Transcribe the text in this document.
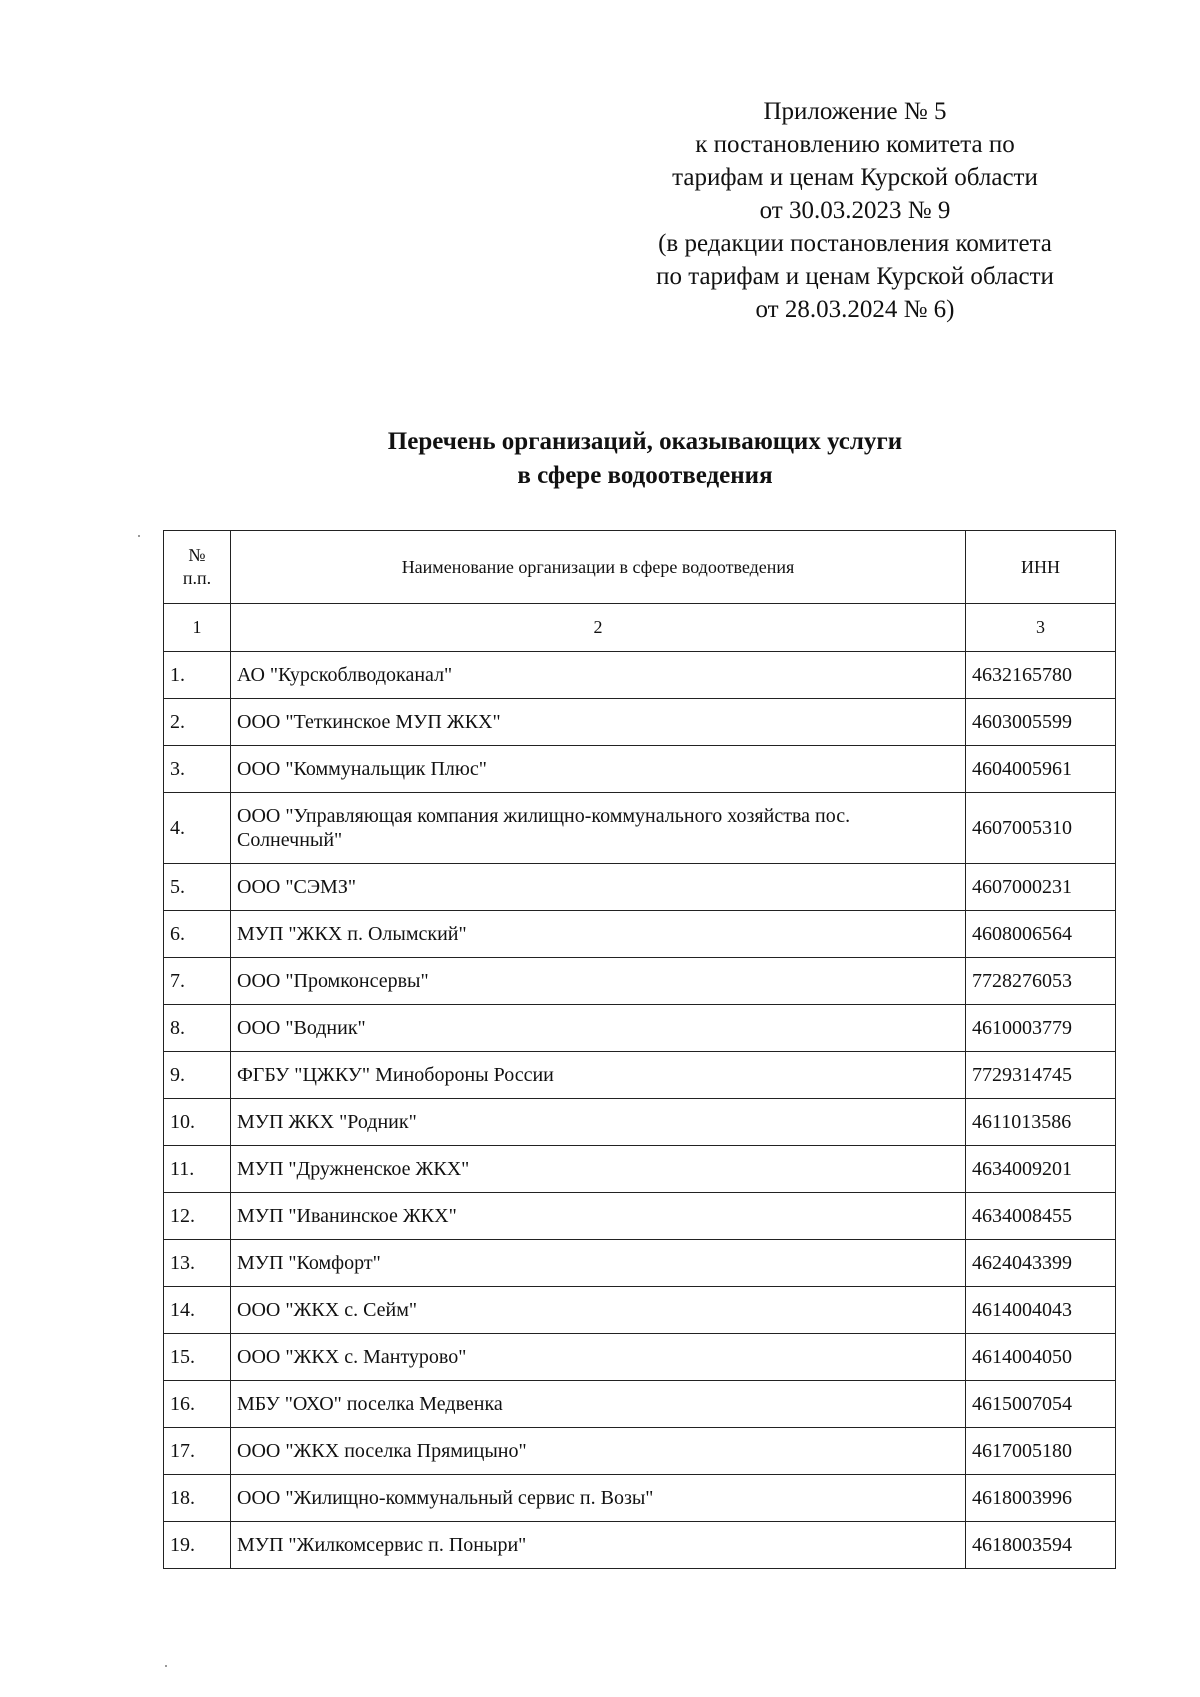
Приложение № 5
к постановлению комитета по
тарифам и ценам Курской области
от 30.03.2023 № 9
(в редакции постановления комитета
по тарифам и ценам Курской области
от 28.03.2024 № 6)
Перечень организаций, оказывающих услуги
в сфере водоотведения
№
п.п.	Наименование организации в сфере водоотведения	ИНН
1	2	3
1.	АО "Курскоблводоканал"	4632165780
2.	ООО "Теткинское МУП ЖКХ"	4603005599
3.	ООО "Коммунальщик Плюс"	4604005961
4.	ООО "Управляющая компания жилищно-коммунального хозяйства пос. Солнечный"	4607005310
5.	ООО "СЭМЗ"	4607000231
6.	МУП "ЖКХ п. Олымский"	4608006564
7.	ООО "Промконсервы"	7728276053
8.	ООО "Водник"	4610003779
9.	ФГБУ "ЦЖКУ" Минобороны России	7729314745
10.	МУП ЖКХ "Родник"	4611013586
11.	МУП "Дружненское ЖКХ"	4634009201
12.	МУП "Иванинское ЖКХ"	4634008455
13.	МУП "Комфорт"	4624043399
14.	ООО "ЖКХ с. Сейм"	4614004043
15.	ООО "ЖКХ с. Мантурово"	4614004050
16.	МБУ "ОХО" поселка Медвенка	4615007054
17.	ООО "ЖКХ поселка Прямицыно"	4617005180
18.	ООО "Жилищно-коммунальный сервис п. Возы"	4618003996
19.	МУП "Жилкомсервис п. Поныри"	4618003594
